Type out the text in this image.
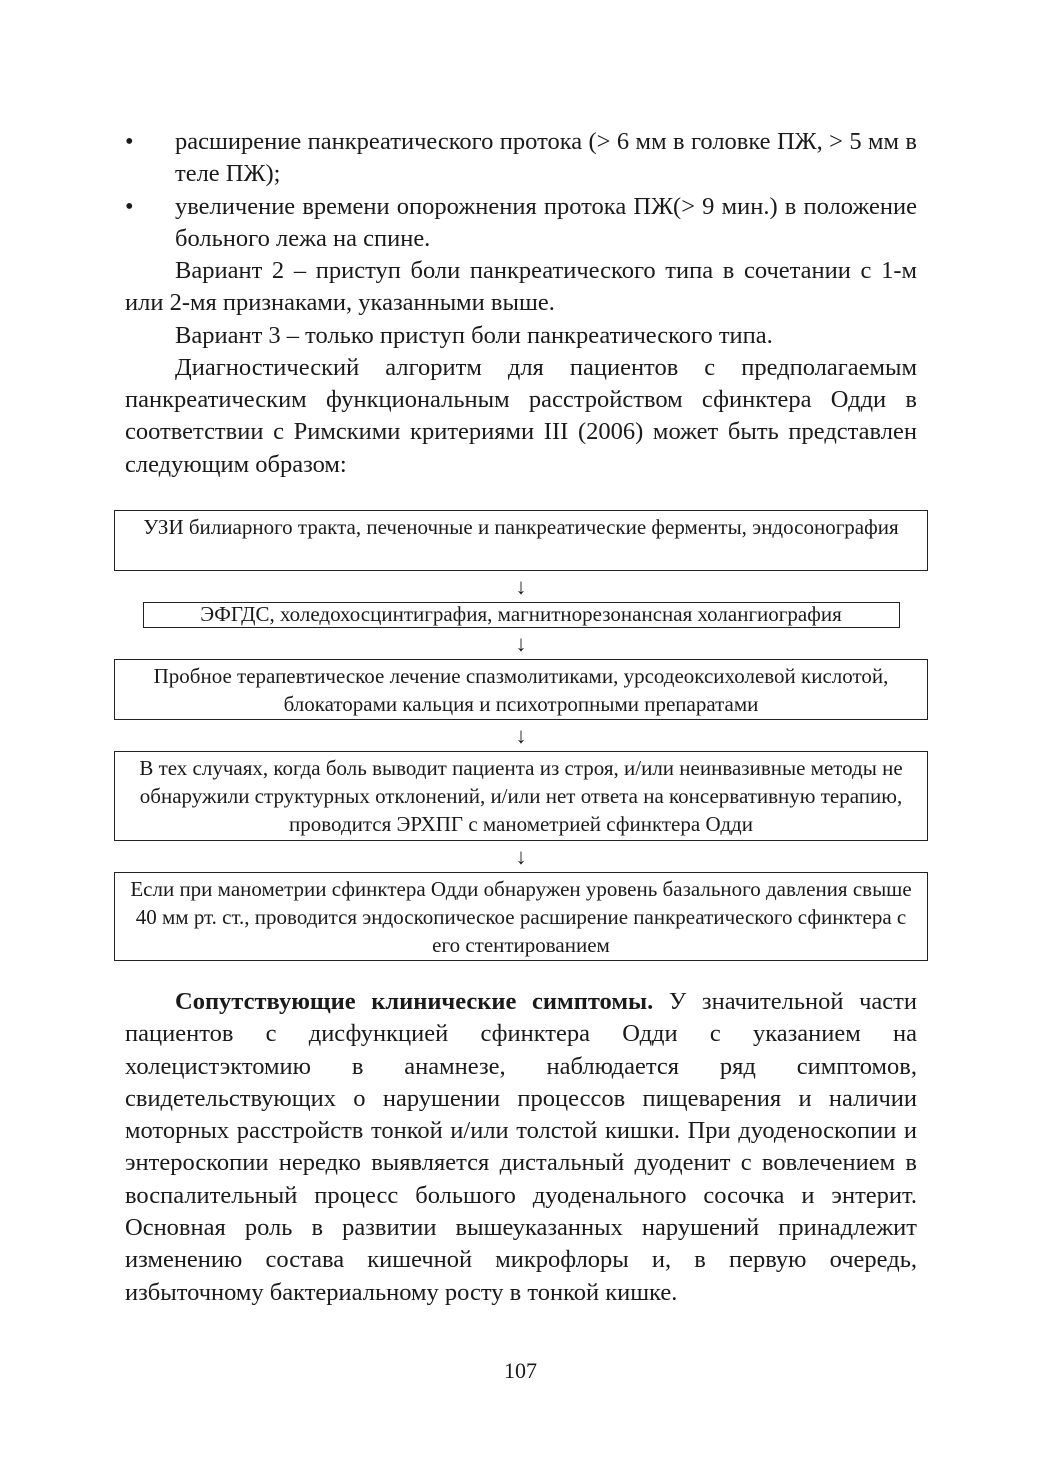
• расширение панкреатического протока (> 6 мм в головке ПЖ, > 5 мм в теле ПЖ);
• увеличение времени опорожнения протока ПЖ(> 9 мин.) в положение больного лежа на спине.

Вариант 2 – приступ боли панкреатического типа в сочетании с 1-м или 2-мя признаками, указанными выше.

Вариант 3 – только приступ боли панкреатического типа.

Диагностический алгоритм для пациентов с предполагаемым панкреатическим функциональным расстройством сфинктера Одди в соответствии с Римскими критериями III (2006) может быть представлен следующим образом:

УЗИ билиарного тракта, печеночные и панкреатические ферменты, эндосонография
↓
ЭФГДС, холедохосцинтиграфия, магнитнорезонансная холангиография
↓
Пробное терапевтическое лечение спазмолитиками, урсодеоксихолевой кислотой, блокаторами кальция и психотропными препаратами
↓
В тех случаях, когда боль выводит пациента из строя, и/или неинвазивные методы не обнаружили структурных отклонений, и/или нет ответа на консервативную терапию, проводится ЭРХПГ с манометрией сфинктера Одди
↓
Если при манометрии сфинктера Одди обнаружен уровень базального давления свыше 40 мм рт. ст., проводится эндоскопическое расширение панкреатического сфинктера с его стентированием

Сопутствующие клинические симптомы. У значительной части пациентов с дисфункцией сфинктера Одди с указанием на холецистэктомию в анамнезе, наблюдается ряд симптомов, свидетельствующих о нарушении процессов пищеварения и наличии моторных расстройств тонкой и/или толстой кишки. При дуоденоскопии и энтероскопии нередко выявляется дистальный дуоденит с вовлечением в воспалительный процесс большого дуоденального сосочка и энтерит. Основная роль в развитии вышеуказанных нарушений принадлежит изменению состава кишечной микрофлоры и, в первую очередь, избыточному бактериальному росту в тонкой кишке.

107
